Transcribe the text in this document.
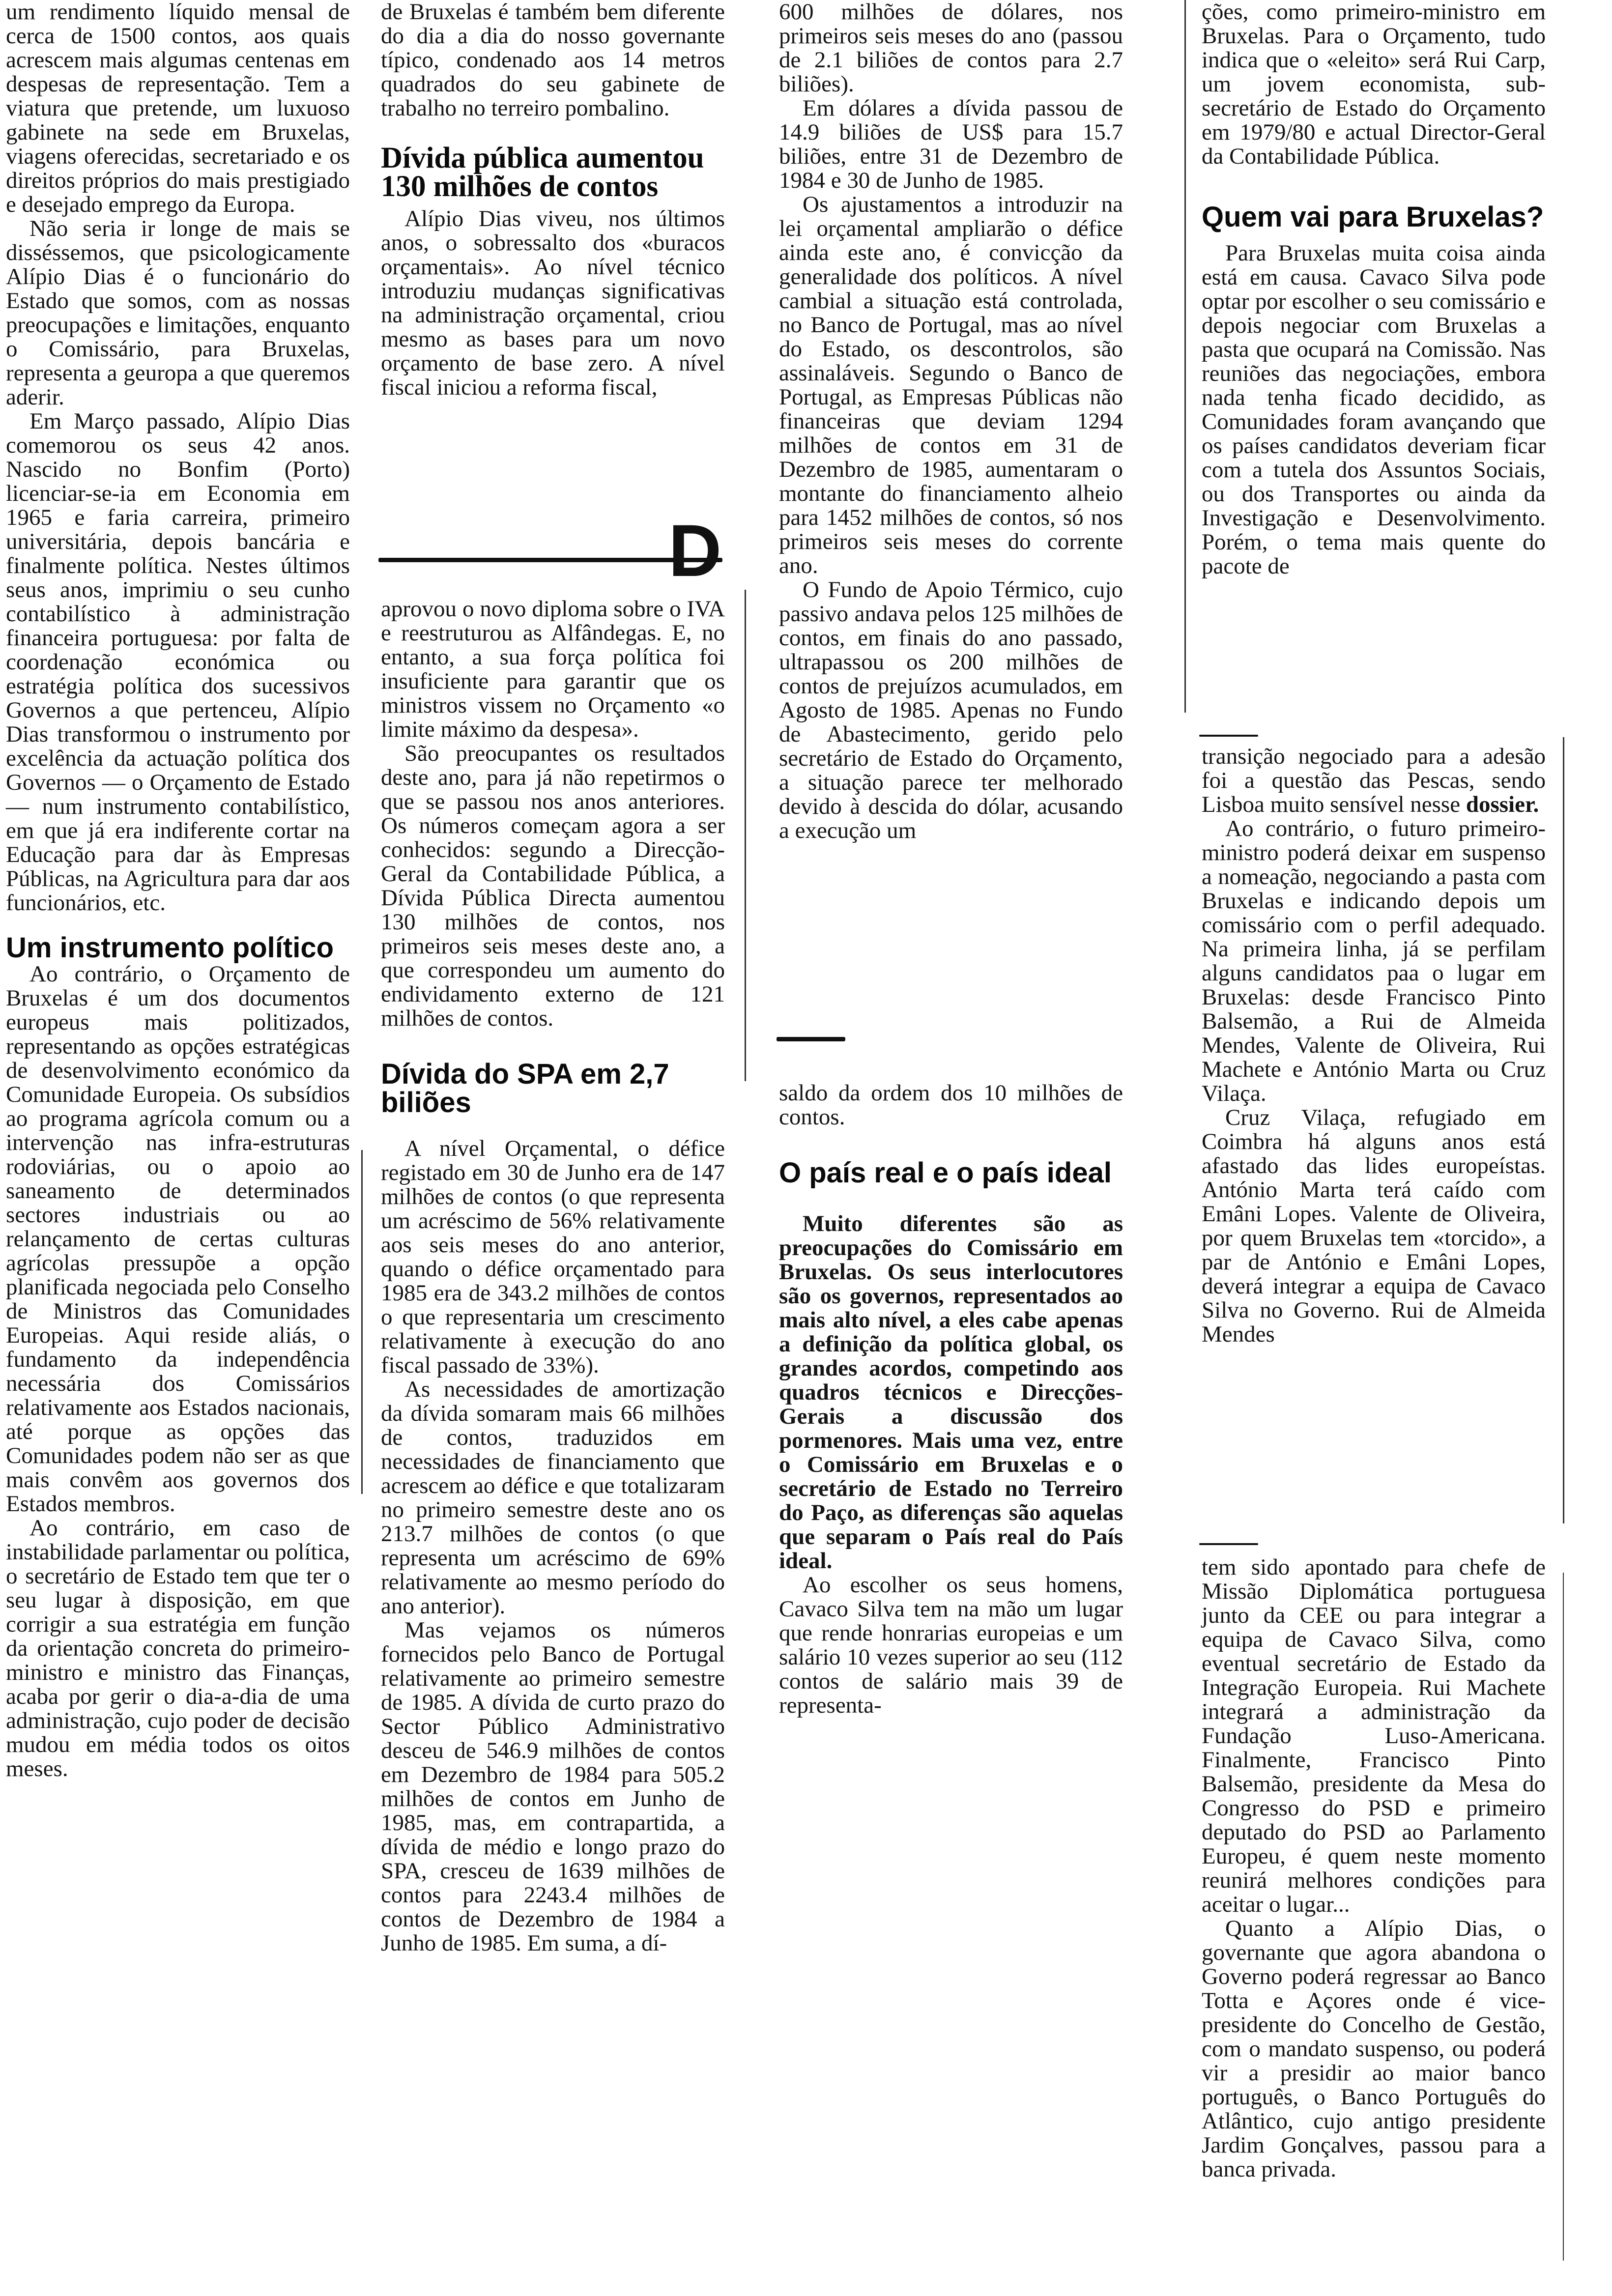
um rendimento líquido mensal de cerca de 1500 contos, aos quais acrescem mais algumas centenas em despesas de representação. Tem a viatura que pretende, um luxuoso gabinete na sede em Bruxelas, viagens oferecidas, secretariado e os direitos próprios do mais prestigiado e desejado emprego da Europa.

Não seria ir longe de mais se disséssemos, que psicologicamente Alípio Dias é o funcionário do Estado que somos, com as nossas preocupações e limitações, enquanto o Comissário, para Bruxelas, representa a geuropa a que queremos aderir.

Em Março passado, Alípio Dias comemorou os seus 42 anos. Nascido no Bonfim (Porto) licenciar-se-ia em Economia em 1965 e faria carreira, primeiro universitária, depois bancária e finalmente política. Nestes últimos seus anos, imprimiu o seu cunho contabilístico à administração financeira portuguesa: por falta de coordenação económica ou estratégia política dos sucessivos Governos a que pertenceu, Alípio Dias transformou o instrumento por excelência da actuação política dos Governos — o Orçamento de Estado — num instrumento contabilístico, em que já era indiferente cortar na Educação para dar às Empresas Públicas, na Agricultura para dar aos funcionários, etc.

Um instrumento político

Ao contrário, o Orçamento de Bruxelas é um dos documentos europeus mais politizados, representando as opções estratégicas de desenvolvimento económico da Comunidade Europeia. Os subsídios ao programa agrícola comum ou a intervenção nas infra-estruturas rodoviárias, ou o apoio ao saneamento de determinados sectores industriais ou ao relançamento de certas culturas agrícolas pressupõe a opção planificada negociada pelo Conselho de Ministros das Comunidades Europeias. Aqui reside aliás, o fundamento da independência necessária dos Comissários relativamente aos Estados nacionais, até porque as opções das Comunidades podem não ser as que mais convêm aos governos dos Estados membros.

Ao contrário, em caso de instabilidade parlamentar ou política, o secretário de Estado tem que ter o seu lugar à disposição, em que corrigir a sua estratégia em função da orientação concreta do primeiro-ministro e ministro das Finanças, acaba por gerir o dia-a-dia de uma administração, cujo poder de decisão mudou em média todos os oitos meses.

de Bruxelas é também bem diferente do dia a dia do nosso governante típico, condenado aos 14 metros quadrados do seu gabinete de trabalho no terreiro pombalino.

Dívida pública aumentou 130 milhões de contos

Alípio Dias viveu, nos últimos anos, o sobressalto dos «buracos orçamentais». Ao nível técnico introduziu mudanças significativas na administração orçamental, criou mesmo as bases para um novo orçamento de base zero. A nível fiscal iniciou a reforma fiscal,

aprovou o novo diploma sobre o IVA e reestruturou as Alfândegas. E, no entanto, a sua força política foi insuficiente para garantir que os ministros vissem no Orçamento «o limite máximo da despesa».

São preocupantes os resultados deste ano, para já não repetirmos o que se passou nos anos anteriores. Os números começam agora a ser conhecidos: segundo a Direcção-Geral da Contabilidade Pública, a Dívida Pública Directa aumentou 130 milhões de contos, nos primeiros seis meses deste ano, a que correspondeu um aumento do endividamento externo de 121 milhões de contos.

Dívida do SPA em 2,7 biliões

A nível Orçamental, o défice registado em 30 de Junho era de 147 milhões de contos (o que representa um acréscimo de 56% relativamente aos seis meses do ano anterior, quando o défice orçamentado para 1985 era de 343.2 milhões de contos o que representaria um crescimento relativamente à execução do ano fiscal passado de 33%).

As necessidades de amortização da dívida somaram mais 66 milhões de contos, traduzidos em necessidades de financiamento que acrescem ao défice e que totalizaram no primeiro semestre deste ano os 213.7 milhões de contos (o que representa um acréscimo de 69% relativamente ao mesmo período do ano anterior).

Mas vejamos os números fornecidos pelo Banco de Portugal relativamente ao primeiro semestre de 1985. A dívida de curto prazo do Sector Público Administrativo desceu de 546.9 milhões de contos em Dezembro de 1984 para 505.2 milhões de contos em Junho de 1985, mas, em contrapartida, a dívida de médio e longo prazo do SPA, cresceu de 1639 milhões de contos para 2243.4 milhões de contos de Dezembro de 1984 a Junho de 1985. Em suma, a dí-

600 milhões de dólares, nos primeiros seis meses do ano (passou de 2.1 biliões de contos para 2.7 biliões).

Em dólares a dívida passou de 14.9 biliões de US$ para 15.7 biliões, entre 31 de Dezembro de 1984 e 30 de Junho de 1985.

Os ajustamentos a introduzir na lei orçamental ampliarão o défice ainda este ano, é convicção da generalidade dos políticos. A nível cambial a situação está controlada, no Banco de Portugal, mas ao nível do Estado, os descontrolos, são assinaláveis. Segundo o Banco de Portugal, as Empresas Públicas não financeiras que deviam 1294 milhões de contos em 31 de Dezembro de 1985, aumentaram o montante do financiamento alheio para 1452 milhões de contos, só nos primeiros seis meses do corrente ano.

O Fundo de Apoio Térmico, cujo passivo andava pelos 125 milhões de contos, em finais do ano passado, ultrapassou os 200 milhões de contos de prejuízos acumulados, em Agosto de 1985. Apenas no Fundo de Abastecimento, gerido pelo secretário de Estado do Orçamento, a situação parece ter melhorado devido à descida do dólar, acusando a execução um

saldo da ordem dos 10 milhões de contos.

O país real e o país ideal

Muito diferentes são as preocupações do Comissário em Bruxelas. Os seus interlocutores são os governos, representados ao mais alto nível, a eles cabe apenas a definição da política global, os grandes acordos, competindo aos quadros técnicos e Direcções-Gerais a discussão dos pormenores. Mais uma vez, entre o Comissário em Bruxelas e o secretário de Estado no Terreiro do Paço, as diferenças são aquelas que separam o País real do País ideal.

Ao escolher os seus homens, Cavaco Silva tem na mão um lugar que rende honrarias europeias e um salário 10 vezes superior ao seu (112 contos de salário mais 39 de representa-

ções, como primeiro-ministro em Bruxelas. Para o Orçamento, tudo indica que o «eleito» será Rui Carp, um jovem economista, sub-secretário de Estado do Orçamento em 1979/80 e actual Director-Geral da Contabilidade Pública.

Quem vai para Bruxelas?

Para Bruxelas muita coisa ainda está em causa. Cavaco Silva pode optar por escolher o seu comissário e depois negociar com Bruxelas a pasta que ocupará na Comissão. Nas reuniões das negociações, embora nada tenha ficado decidido, as Comunidades foram avançando que os países candidatos deveriam ficar com a tutela dos Assuntos Sociais, ou dos Transportes ou ainda da Investigação e Desenvolvimento. Porém, o tema mais quente do pacote de

transição negociado para a adesão foi a questão das Pescas, sendo Lisboa muito sensível nesse dossier.

Ao contrário, o futuro primeiro-ministro poderá deixar em suspenso a nomeação, negociando a pasta com Bruxelas e indicando depois um comissário com o perfil adequado. Na primeira linha, já se perfilam alguns candidatos paa o lugar em Bruxelas: desde Francisco Pinto Balsemão, a Rui de Almeida Mendes, Valente de Oliveira, Rui Machete e António Marta ou Cruz Vilaça.

Cruz Vilaça, refugiado em Coimbra há alguns anos está afastado das lides europeístas. António Marta terá caído com Emâni Lopes. Valente de Oliveira, por quem Bruxelas tem «torcido», a par de António e Emâni Lopes, deverá integrar a equipa de Cavaco Silva no Governo. Rui de Almeida Mendes

tem sido apontado para chefe de Missão Diplomática portuguesa junto da CEE ou para integrar a equipa de Cavaco Silva, como eventual secretário de Estado da Integração Europeia. Rui Machete integrará a administração da Fundação Luso-Americana. Finalmente, Francisco Pinto Balsemão, presidente da Mesa do Congresso do PSD e primeiro deputado do PSD ao Parlamento Europeu, é quem neste momento reunirá melhores condições para aceitar o lugar...

Quanto a Alípio Dias, o governante que agora abandona o Governo poderá regressar ao Banco Totta e Açores onde é vice-presidente do Concelho de Gestão, com o mandato suspenso, ou poderá vir a presidir ao maior banco português, o Banco Português do Atlântico, cujo antigo presidente Jardim Gonçalves, passou para a banca privada.

D
